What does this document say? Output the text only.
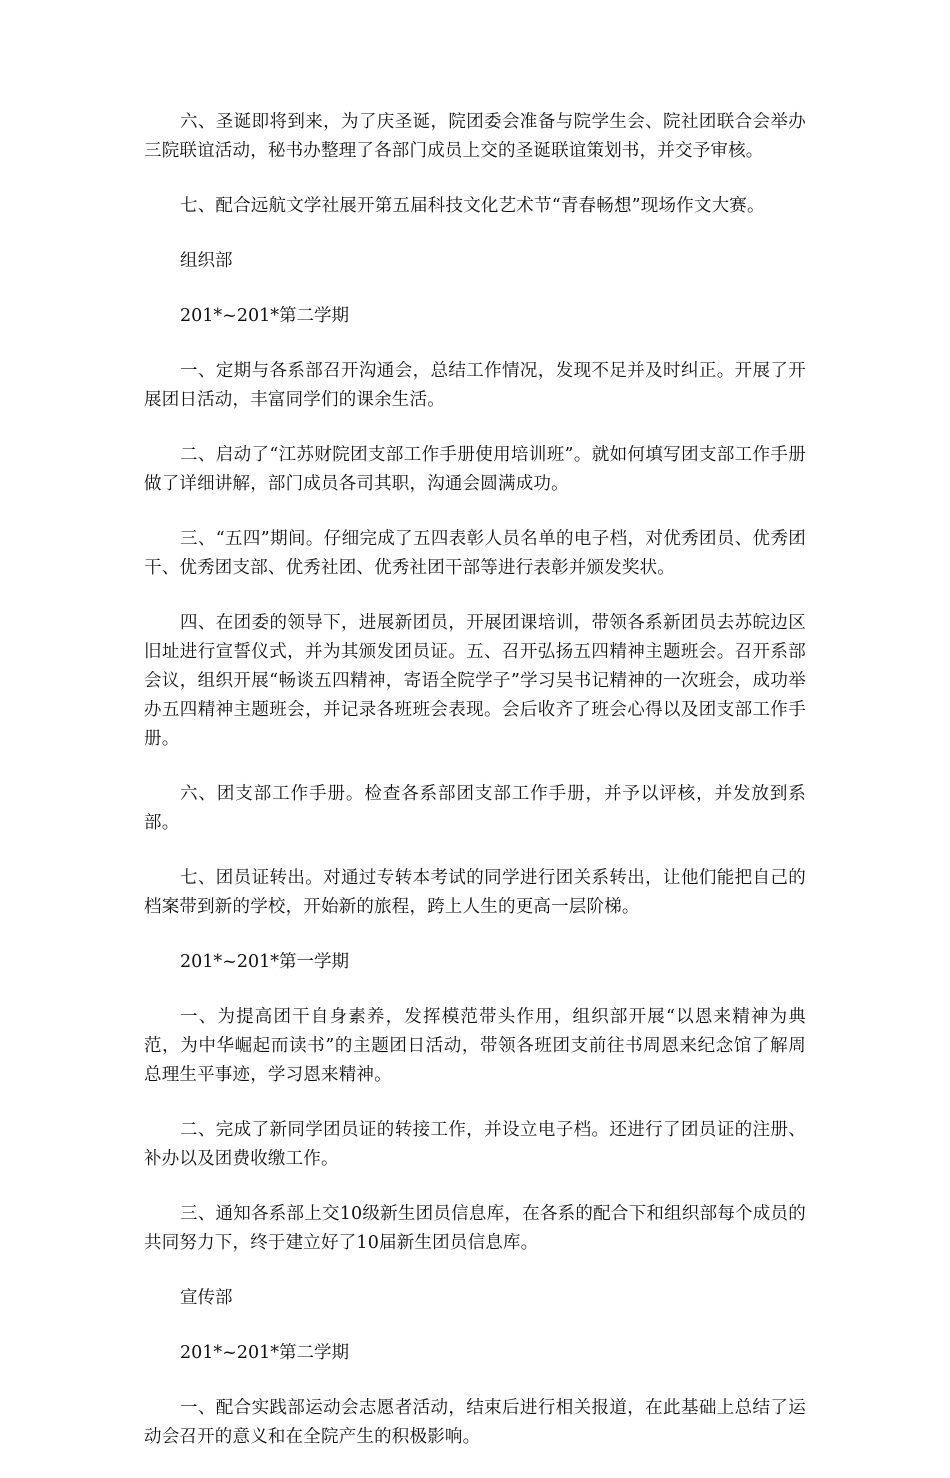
六、圣诞即将到来，为了庆圣诞，院团委会准备与院学生会、院社团联合会举办三院联谊活动，秘书办整理了各部门成员上交的圣诞联谊策划书，并交予审核。

七、配合远航文学社展开第五届科技文化艺术节“青春畅想”现场作文大赛。

组织部

201*~201*第二学期

一、定期与各系部召开沟通会，总结工作情况，发现不足并及时纠正。开展了开展团日活动，丰富同学们的课余生活。

二、启动了“江苏财院团支部工作手册使用培训班”。就如何填写团支部工作手册做了详细讲解，部门成员各司其职，沟通会圆满成功。

三、“五四”期间。仔细完成了五四表彰人员名单的电子档，对优秀团员、优秀团干、优秀团支部、优秀社团、优秀社团干部等进行表彰并颁发奖状。

四、在团委的领导下，进展新团员，开展团课培训，带领各系新团员去苏皖边区旧址进行宣誓仪式，并为其颁发团员证。五、召开弘扬五四精神主题班会。召开系部会议，组织开展“畅谈五四精神，寄语全院学子”学习吴书记精神的一次班会，成功举办五四精神主题班会，并记录各班班会表现。会后收齐了班会心得以及团支部工作手册。

六、团支部工作手册。检查各系部团支部工作手册，并予以评核，并发放到系部。

七、团员证转出。对通过专转本考试的同学进行团关系转出，让他们能把自己的档案带到新的学校，开始新的旅程，跨上人生的更高一层阶梯。

201*~201*第一学期

一、为提高团干自身素养，发挥模范带头作用，组织部开展“以恩来精神为典范，为中华崛起而读书”的主题团日活动，带领各班团支前往书周恩来纪念馆了解周总理生平事迹，学习恩来精神。

二、完成了新同学团员证的转接工作，并设立电子档。还进行了团员证的注册、补办以及团费收缴工作。

三、通知各系部上交10级新生团员信息库，在各系的配合下和组织部每个成员的共同努力下，终于建立好了10届新生团员信息库。

宣传部

201*~201*第二学期

一、配合实践部运动会志愿者活动，结束后进行相关报道，在此基础上总结了运动会召开的意义和在全院产生的积极影响。
